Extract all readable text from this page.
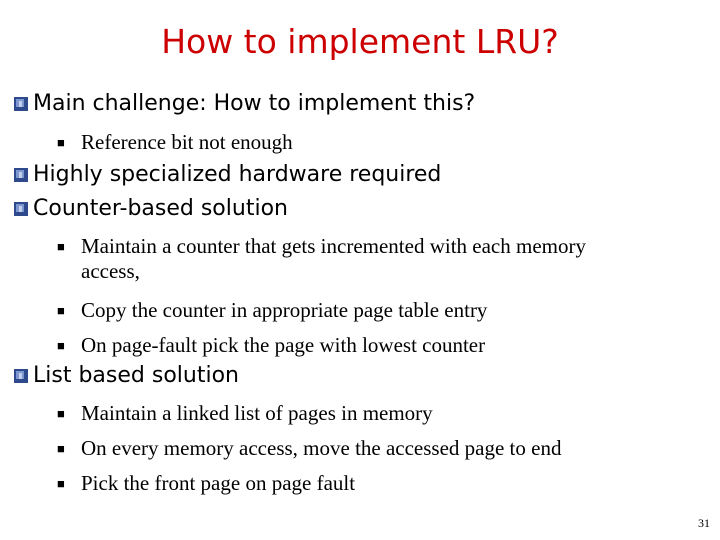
How to implement LRU?
Main challenge: How to implement this?
■ Reference bit not enough
Highly specialized hardware required
Counter-based solution
■ Maintain a counter that gets incremented with each memory
access,
■ Copy the counter in appropriate page table entry
■ On page-fault pick the page with lowest counter
List based solution
■ Maintain a linked list of pages in memory
■ On every memory access, move the accessed page to end
■ Pick the front page on page fault
31
